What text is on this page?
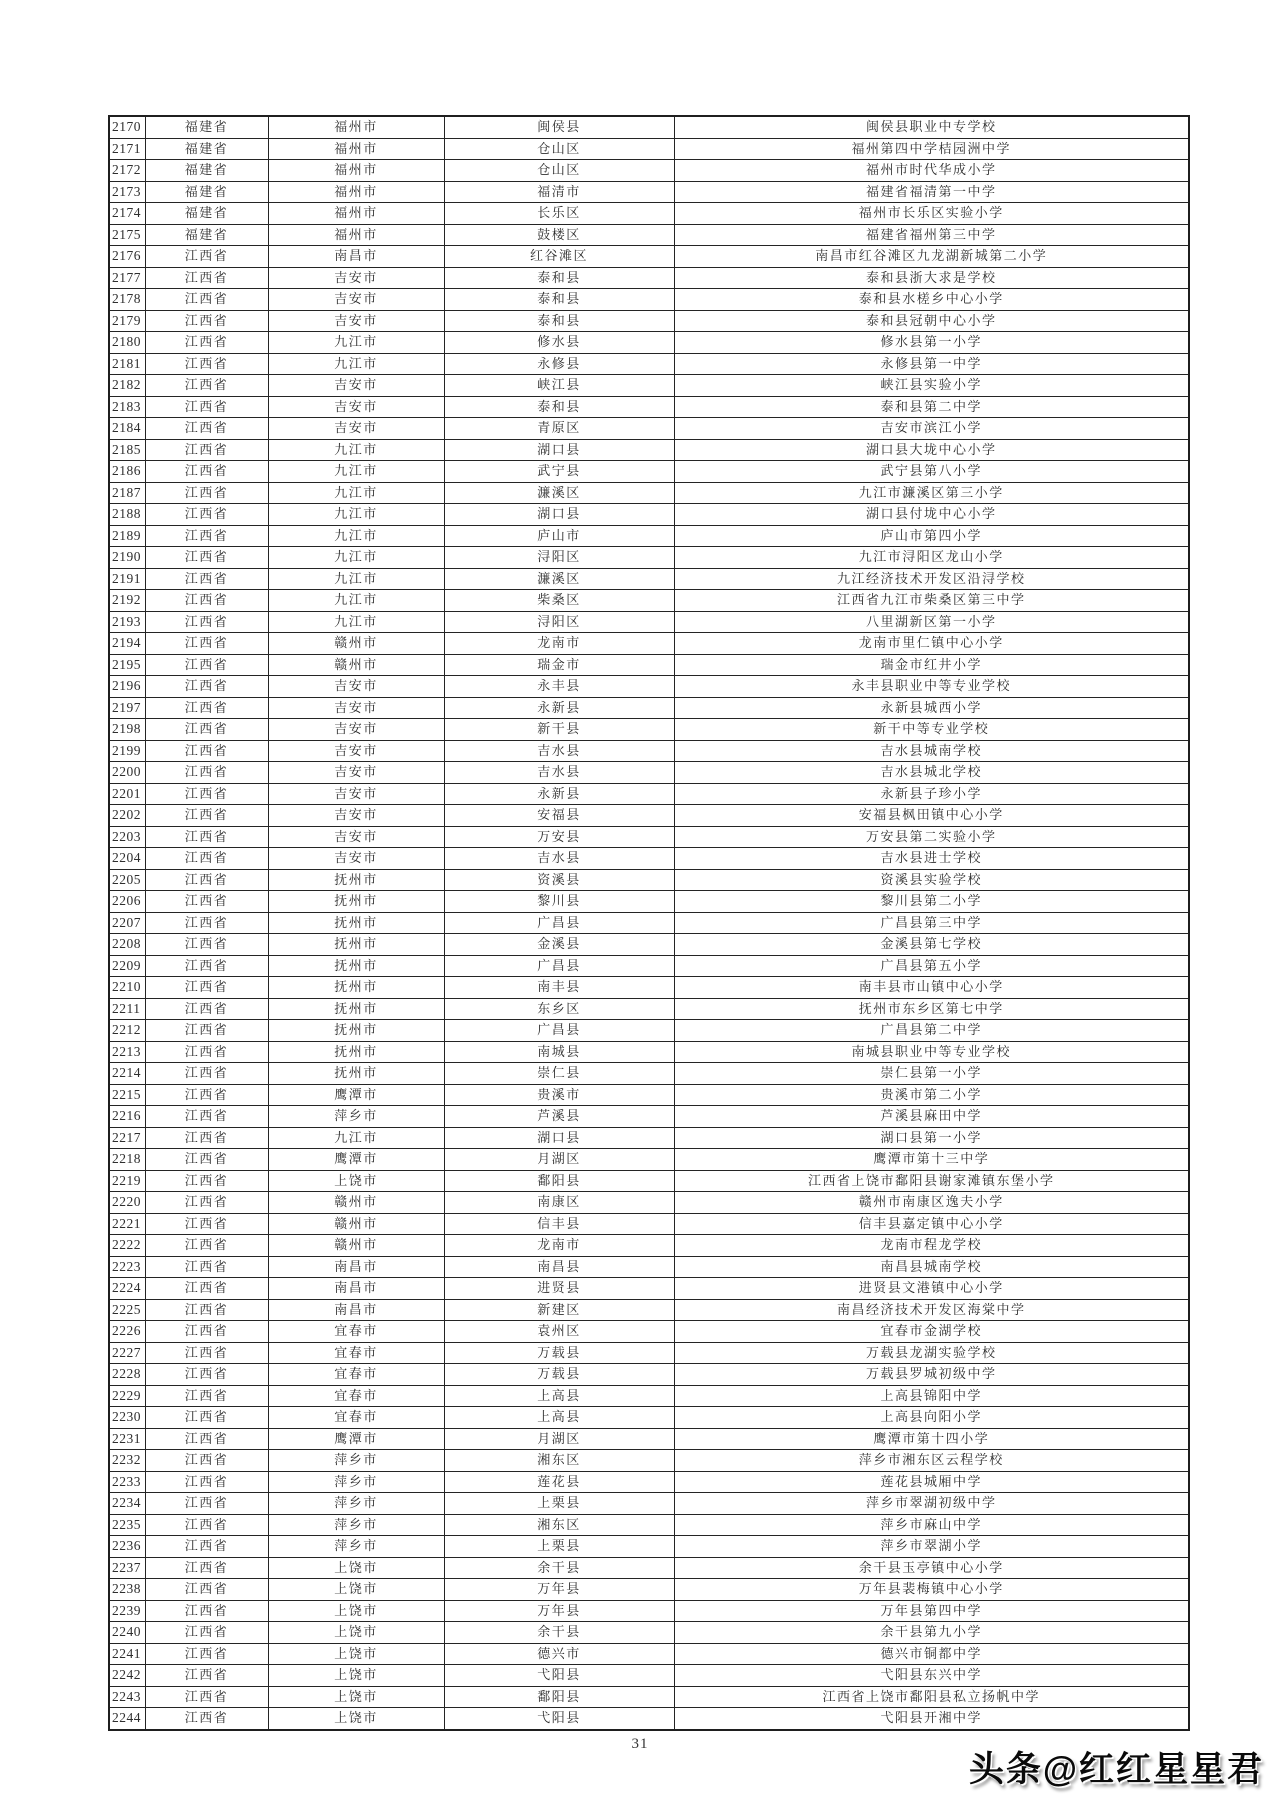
2170	福建省	福州市	闽侯县	闽侯县职业中专学校
2171	福建省	福州市	仓山区	福州第四中学桔园洲中学
2172	福建省	福州市	仓山区	福州市时代华成小学
2173	福建省	福州市	福清市	福建省福清第一中学
2174	福建省	福州市	长乐区	福州市长乐区实验小学
2175	福建省	福州市	鼓楼区	福建省福州第三中学
2176	江西省	南昌市	红谷滩区	南昌市红谷滩区九龙湖新城第二小学
2177	江西省	吉安市	泰和县	泰和县浙大求是学校
2178	江西省	吉安市	泰和县	泰和县水槎乡中心小学
2179	江西省	吉安市	泰和县	泰和县冠朝中心小学
2180	江西省	九江市	修水县	修水县第一小学
2181	江西省	九江市	永修县	永修县第一中学
2182	江西省	吉安市	峡江县	峡江县实验小学
2183	江西省	吉安市	泰和县	泰和县第二中学
2184	江西省	吉安市	青原区	吉安市滨江小学
2185	江西省	九江市	湖口县	湖口县大垅中心小学
2186	江西省	九江市	武宁县	武宁县第八小学
2187	江西省	九江市	濂溪区	九江市濂溪区第三小学
2188	江西省	九江市	湖口县	湖口县付垅中心小学
2189	江西省	九江市	庐山市	庐山市第四小学
2190	江西省	九江市	浔阳区	九江市浔阳区龙山小学
2191	江西省	九江市	濂溪区	九江经济技术开发区沿浔学校
2192	江西省	九江市	柴桑区	江西省九江市柴桑区第三中学
2193	江西省	九江市	浔阳区	八里湖新区第一小学
2194	江西省	赣州市	龙南市	龙南市里仁镇中心小学
2195	江西省	赣州市	瑞金市	瑞金市红井小学
2196	江西省	吉安市	永丰县	永丰县职业中等专业学校
2197	江西省	吉安市	永新县	永新县城西小学
2198	江西省	吉安市	新干县	新干中等专业学校
2199	江西省	吉安市	吉水县	吉水县城南学校
2200	江西省	吉安市	吉水县	吉水县城北学校
2201	江西省	吉安市	永新县	永新县子珍小学
2202	江西省	吉安市	安福县	安福县枫田镇中心小学
2203	江西省	吉安市	万安县	万安县第二实验小学
2204	江西省	吉安市	吉水县	吉水县进士学校
2205	江西省	抚州市	资溪县	资溪县实验学校
2206	江西省	抚州市	黎川县	黎川县第二小学
2207	江西省	抚州市	广昌县	广昌县第三中学
2208	江西省	抚州市	金溪县	金溪县第七学校
2209	江西省	抚州市	广昌县	广昌县第五小学
2210	江西省	抚州市	南丰县	南丰县市山镇中心小学
2211	江西省	抚州市	东乡区	抚州市东乡区第七中学
2212	江西省	抚州市	广昌县	广昌县第二中学
2213	江西省	抚州市	南城县	南城县职业中等专业学校
2214	江西省	抚州市	崇仁县	崇仁县第一小学
2215	江西省	鹰潭市	贵溪市	贵溪市第二小学
2216	江西省	萍乡市	芦溪县	芦溪县麻田中学
2217	江西省	九江市	湖口县	湖口县第一小学
2218	江西省	鹰潭市	月湖区	鹰潭市第十三中学
2219	江西省	上饶市	鄱阳县	江西省上饶市鄱阳县谢家滩镇东堡小学
2220	江西省	赣州市	南康区	赣州市南康区逸夫小学
2221	江西省	赣州市	信丰县	信丰县嘉定镇中心小学
2222	江西省	赣州市	龙南市	龙南市程龙学校
2223	江西省	南昌市	南昌县	南昌县城南学校
2224	江西省	南昌市	进贤县	进贤县文港镇中心小学
2225	江西省	南昌市	新建区	南昌经济技术开发区海棠中学
2226	江西省	宜春市	袁州区	宜春市金湖学校
2227	江西省	宜春市	万载县	万载县龙湖实验学校
2228	江西省	宜春市	万载县	万载县罗城初级中学
2229	江西省	宜春市	上高县	上高县锦阳中学
2230	江西省	宜春市	上高县	上高县向阳小学
2231	江西省	鹰潭市	月湖区	鹰潭市第十四小学
2232	江西省	萍乡市	湘东区	萍乡市湘东区云程学校
2233	江西省	萍乡市	莲花县	莲花县城厢中学
2234	江西省	萍乡市	上栗县	萍乡市翠湖初级中学
2235	江西省	萍乡市	湘东区	萍乡市麻山中学
2236	江西省	萍乡市	上栗县	萍乡市翠湖小学
2237	江西省	上饶市	余干县	余干县玉亭镇中心小学
2238	江西省	上饶市	万年县	万年县裴梅镇中心小学
2239	江西省	上饶市	万年县	万年县第四中学
2240	江西省	上饶市	余干县	余干县第九小学
2241	江西省	上饶市	德兴市	德兴市铜都中学
2242	江西省	上饶市	弋阳县	弋阳县东兴中学
2243	江西省	上饶市	鄱阳县	江西省上饶市鄱阳县私立扬帆中学
2244	江西省	上饶市	弋阳县	弋阳县开湘中学
31
头条@红红星星君
